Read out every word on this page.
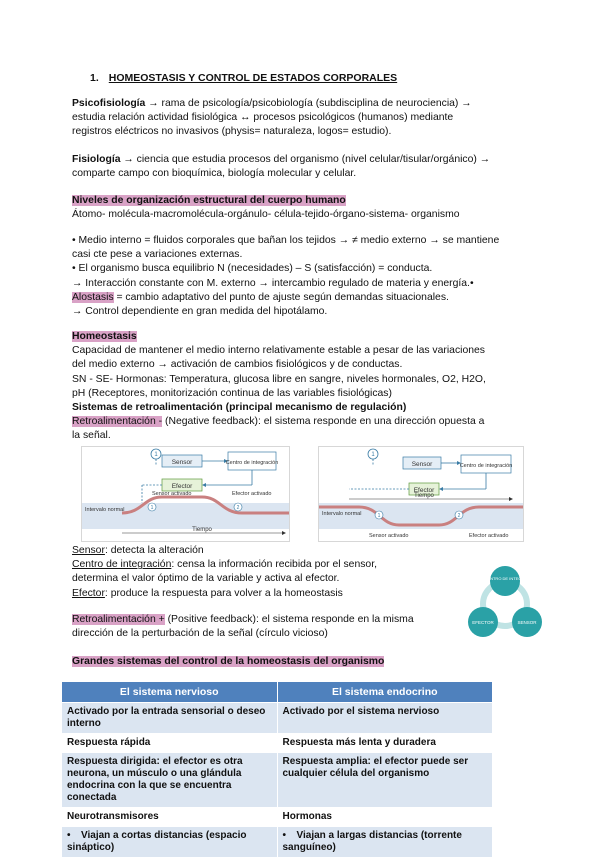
1. HOMEOSTASIS Y CONTROL DE ESTADOS CORPORALES
Psicofisiología → rama de psicología/psicobiología (subdisciplina de neurociencia) →
estudia relación actividad fisiológica ↔ procesos psicológicos (humanos) mediante
registros eléctricos no invasivos (physis= naturaleza, logos= estudio).
Fisiología → ciencia que estudia procesos del organismo (nivel celular/tisular/orgánico) →
comparte campo con bioquímica, biología molecular y celular.
Niveles de organización estructural del cuerpo humano
Átomo- molécula-macromolécula-orgánulo- célula-tejido-órgano-sistema- organismo
• Medio interno = fluidos corporales que bañan los tejidos → ≠ medio externo → se mantiene
casi cte pese a variaciones externas.
• El organismo busca equilibrio N (necesidades) – S (satisfacción) = conducta.
→ Interacción constante con M. externo → intercambio regulado de materia y energía.•
Alostasis = cambio adaptativo del punto de ajuste según demandas situacionales.
→ Control dependiente en gran medida del hipotálamo.
Homeostasis
Capacidad de mantener el medio interno relativamente estable a pesar de las variaciones
del medio externo → activación de cambios fisiológicos y de conductas.
SN - SE- Hormonas: Temperatura, glucosa libre en sangre, niveles hormonales, O2, H2O,
pH (Receptores, monitorización continua de las variables fisiológicas)
Sistemas de retroalimentación (principal mecanismo de regulación)
Retroalimentación - (Negative feedback): el sistema responde en una dirección opuesta a
la señal.
1
Sensor	Centro de integración
Efector
Intervalo normal
Sensor activado	Efector activado
1	2
Tiempo
1
Sensor	Centro de integración
Efector
Intervalo normal
Sensor activado	Efector activado
1	2
Tiempo
Sensor: detecta la alteración
Centro de integración: censa la información recibida por el sensor,
determina el valor óptimo de la variable y activa al efector.
Efector: produce la respuesta para volver a la homeostasis
CENTRO DE INTEGR.
EFECTOR	SENSOR
Retroalimentación + (Positive feedback): el sistema responde en la misma
dirección de la perturbación de la señal (círculo vicioso)
Grandes sistemas del control de la homeostasis del organismo
El sistema nervioso	El sistema endocrino
Activado por la entrada sensorial o deseo interno	Activado por el sistema nervioso
Respuesta rápida	Respuesta más lenta y duradera
Respuesta dirigida: el efector es otra neurona, un músculo o una glándula endocrina con la que se encuentra conectada	Respuesta amplia: el efector puede ser cualquier célula del organismo
Neurotransmisores	Hormonas
• Viajan a cortas distancias (espacio sináptico)	• Viajan a largas distancias (torrente sanguíneo)
